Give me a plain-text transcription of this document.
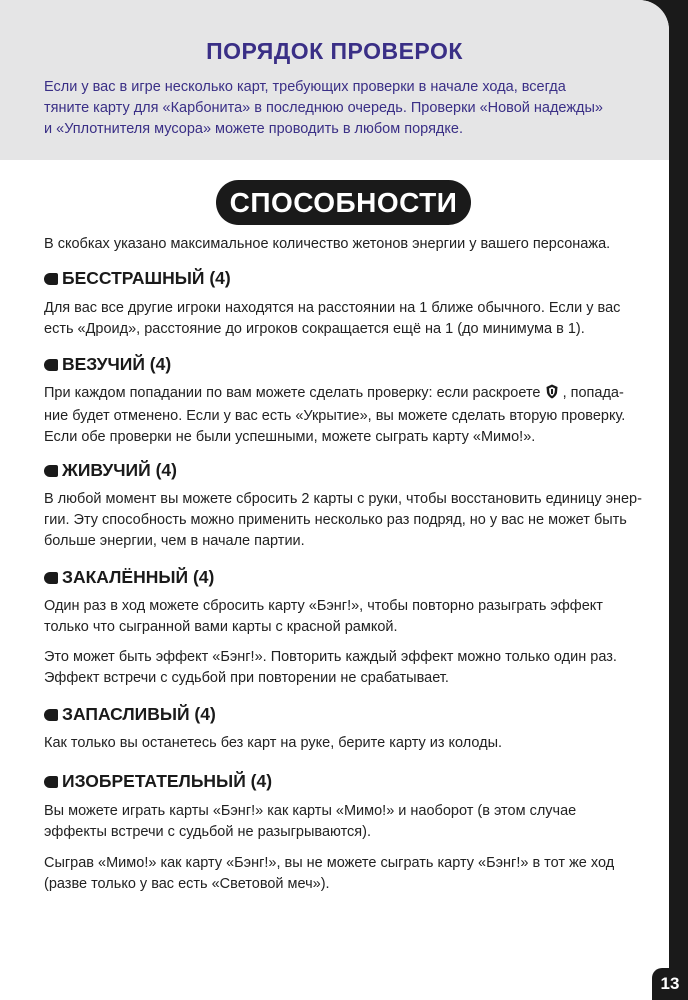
ПОРЯДОК ПРОВЕРОК
Если у вас в игре несколько карт, требующих проверки в начале хода, всегда
тяните карту для «Карбонита» в последнюю очередь. Проверки «Новой надежды»
и «Уплотнителя мусора» можете проводить в любом порядке.
СПОСОБНОСТИ
В скобках указано максимальное количество жетонов энергии у вашего персонажа.
БЕССТРАШНЫЙ (4)
Для вас все другие игроки находятся на расстоянии на 1 ближе обычного. Если у вас
есть «Дроид», расстояние до игроков сокращается ещё на 1 (до минимума в 1).
ВЕЗУЧИЙ (4)
При каждом попадании по вам можете сделать проверку: если раскроете , попада-
ние будет отменено. Если у вас есть «Укрытие», вы можете сделать вторую проверку.
Если обе проверки не были успешными, можете сыграть карту «Мимо!».
ЖИВУЧИЙ (4)
В любой момент вы можете сбросить 2 карты с руки, чтобы восстановить единицу энер-
гии. Эту способность можно применить несколько раз подряд, но у вас не может быть
больше энергии, чем в начале партии.
ЗАКАЛЁННЫЙ (4)
Один раз в ход можете сбросить карту «Бэнг!», чтобы повторно разыграть эффект
только что сыгранной вами карты с красной рамкой.
Это может быть эффект «Бэнг!». Повторить каждый эффект можно только один раз.
Эффект встречи с судьбой при повторении не срабатывает.
ЗАПАСЛИВЫЙ (4)
Как только вы останетесь без карт на руке, берите карту из колоды.
ИЗОБРЕТАТЕЛЬНЫЙ (4)
Вы можете играть карты «Бэнг!» как карты «Мимо!» и наоборот (в этом случае
эффекты встречи с судьбой не разыгрываются).
Сыграв «Мимо!» как карту «Бэнг!», вы не можете сыграть карту «Бэнг!» в тот же ход
(разве только у вас есть «Световой меч»).
13
